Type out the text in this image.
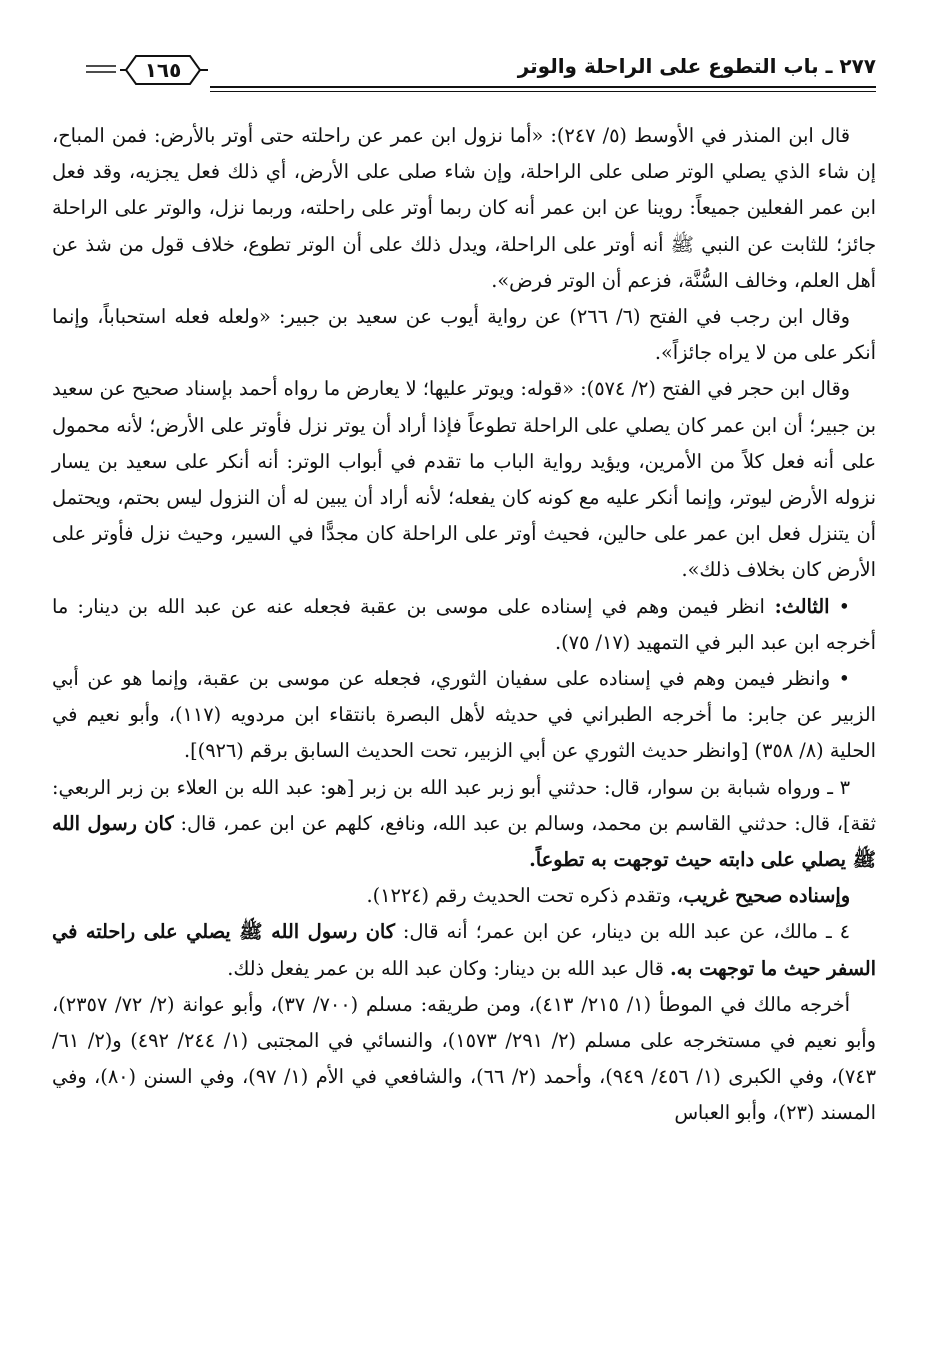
٢٧٧ ـ باب التطوع على الراحلة والوتر
١٦٥

قال ابن المنذر في الأوسط (٥/ ٢٤٧): «أما نزول ابن عمر عن راحلته حتى أوتر بالأرض: فمن المباح، إن شاء الذي يصلي الوتر صلى على الراحلة، وإن شاء صلى على الأرض، أي ذلك فعل يجزيه، وقد فعل ابن عمر الفعلين جميعاً: روينا عن ابن عمر أنه كان ربما أوتر على راحلته، وربما نزل، والوتر على الراحلة جائز؛ للثابت عن النبي ﷺ أنه أوتر على الراحلة، ويدل ذلك على أن الوتر تطوع، خلاف قول من شذ عن أهل العلم، وخالف السُّنَّة، فزعم أن الوتر فرض».

وقال ابن رجب في الفتح (٦/ ٢٦٦) عن رواية أيوب عن سعيد بن جبير: «ولعله فعله استحباباً، وإنما أنكر على من لا يراه جائزاً».

وقال ابن حجر في الفتح (٢/ ٥٧٤): «قوله: ويوتر عليها؛ لا يعارض ما رواه أحمد بإسناد صحيح عن سعيد بن جبير؛ أن ابن عمر كان يصلي على الراحلة تطوعاً فإذا أراد أن يوتر نزل فأوتر على الأرض؛ لأنه محمول على أنه فعل كلاً من الأمرين، ويؤيد رواية الباب ما تقدم في أبواب الوتر: أنه أنكر على سعيد بن يسار نزوله الأرض ليوتر، وإنما أنكر عليه مع كونه كان يفعله؛ لأنه أراد أن يبين له أن النزول ليس بحتم، ويحتمل أن يتنزل فعل ابن عمر على حالين، فحيث أوتر على الراحلة كان مجدًّا في السير، وحيث نزل فأوتر على الأرض كان بخلاف ذلك».

• الثالث: انظر فيمن وهم في إسناده على موسى بن عقبة فجعله عنه عن عبد الله بن دينار: ما أخرجه ابن عبد البر في التمهيد (١٧/ ٧٥).

• وانظر فيمن وهم في إسناده على سفيان الثوري، فجعله عن موسى بن عقبة، وإنما هو عن أبي الزبير عن جابر: ما أخرجه الطبراني في حديثه لأهل البصرة بانتقاء ابن مردويه (١١٧)، وأبو نعيم في الحلية (٨/ ٣٥٨) [وانظر حديث الثوري عن أبي الزبير، تحت الحديث السابق برقم (٩٢٦)].

٣ ـ ورواه شبابة بن سوار، قال: حدثني أبو زبر عبد الله بن زبر [هو: عبد الله بن العلاء بن زبر الربعي: ثقة]، قال: حدثني القاسم بن محمد، وسالم بن عبد الله، ونافع، كلهم عن ابن عمر، قال: كان رسول الله ﷺ يصلي على دابته حيث توجهت به تطوعاً.

وإسناده صحيح غريب، وتقدم ذكره تحت الحديث رقم (١٢٢٤).

٤ ـ مالك، عن عبد الله بن دينار، عن ابن عمر؛ أنه قال: كان رسول الله ﷺ يصلي على راحلته في السفر حيث ما توجهت به. قال عبد الله بن دينار: وكان عبد الله بن عمر يفعل ذلك.

أخرجه مالك في الموطأ (١/ ٢١٥/ ٤١٣)، ومن طريقه: مسلم (٧٠٠/ ٣٧)، وأبو عوانة (٢/ ٧٢/ ٢٣٥٧)، وأبو نعيم في مستخرجه على مسلم (٢/ ٢٩١/ ١٥٧٣)، والنسائي في المجتبى (١/ ٢٤٤/ ٤٩٢) و(٢/ ٦١/ ٧٤٣)، وفي الكبرى (١/ ٤٥٦/ ٩٤٩)، وأحمد (٢/ ٦٦)، والشافعي في الأم (١/ ٩٧)، وفي السنن (٨٠)، وفي المسند (٢٣)، وأبو العباس
